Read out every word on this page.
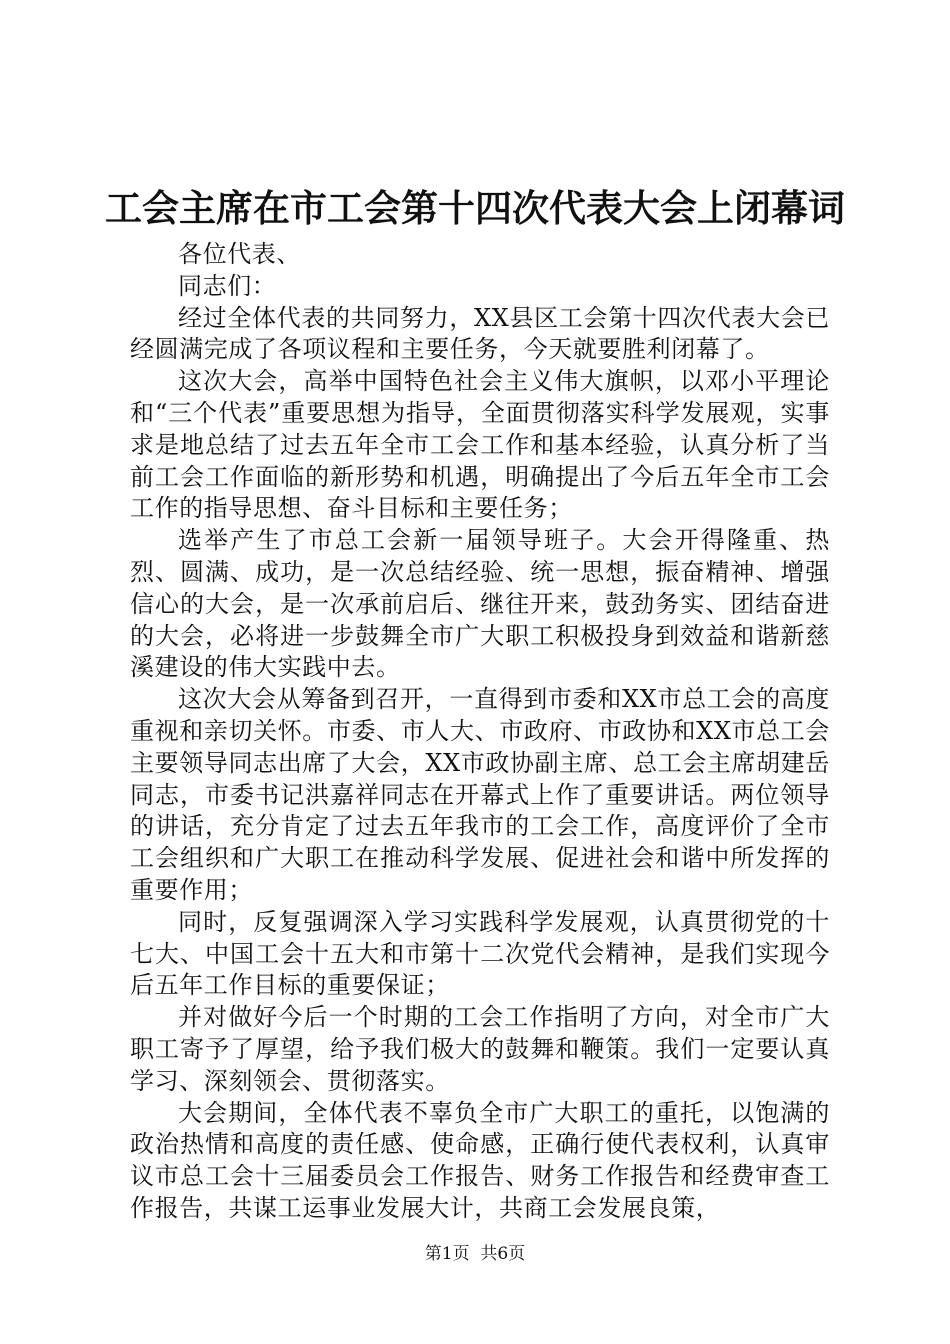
工会主席在市工会第十四次代表大会上闭幕词

各位代表、

同志们：

经过全体代表的共同努力，XX县区工会第十四次代表大会已经圆满完成了各项议程和主要任务，今天就要胜利闭幕了。

这次大会，高举中国特色社会主义伟大旗帜，以邓小平理论和“三个代表”重要思想为指导，全面贯彻落实科学发展观，实事求是地总结了过去五年全市工会工作和基本经验，认真分析了当前工会工作面临的新形势和机遇，明确提出了今后五年全市工会工作的指导思想、奋斗目标和主要任务；

选举产生了市总工会新一届领导班子。大会开得隆重、热烈、圆满、成功，是一次总结经验、统一思想，振奋精神、增强信心的大会，是一次承前启后、继往开来，鼓劲务实、团结奋进的大会，必将进一步鼓舞全市广大职工积极投身到效益和谐新慈溪建设的伟大实践中去。

这次大会从筹备到召开，一直得到市委和XX市总工会的高度重视和亲切关怀。市委、市人大、市政府、市政协和XX市总工会主要领导同志出席了大会，XX市政协副主席、总工会主席胡建岳同志，市委书记洪嘉祥同志在开幕式上作了重要讲话。两位领导的讲话，充分肯定了过去五年我市的工会工作，高度评价了全市工会组织和广大职工在推动科学发展、促进社会和谐中所发挥的重要作用；

同时，反复强调深入学习实践科学发展观，认真贯彻党的十七大、中国工会十五大和市第十二次党代会精神，是我们实现今后五年工作目标的重要保证；

并对做好今后一个时期的工会工作指明了方向，对全市广大职工寄予了厚望，给予我们极大的鼓舞和鞭策。我们一定要认真学习、深刻领会、贯彻落实。

大会期间，全体代表不辜负全市广大职工的重托，以饱满的政治热情和高度的责任感、使命感，正确行使代表权利，认真审议市总工会十三届委员会工作报告、财务工作报告和经费审查工作报告，共谋工运事业发展大计，共商工会发展良策，

第1页  共6页
